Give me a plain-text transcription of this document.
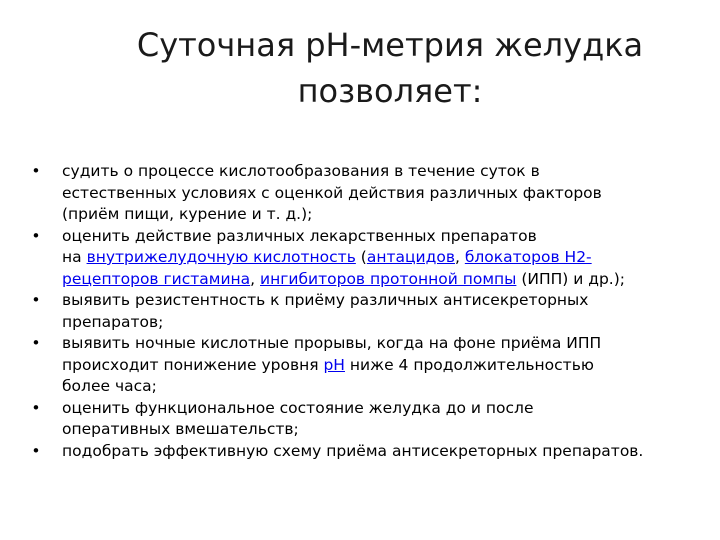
Суточная pH-метрия желудка
позволяет:
• судить о процессе кислотообразования в течение суток в
естественных условиях с оценкой действия различных факторов
(приём пищи, курение и т. д.);
• оценить действие различных лекарственных препаратов
на внутрижелудочную кислотность (антацидов, блокаторов Н2-
рецепторов гистамина, ингибиторов протонной помпы (ИПП) и др.);
• выявить резистентность к приёму различных антисекреторных
препаратов;
• выявить ночные кислотные прорывы, когда на фоне приёма ИПП
происходит понижение уровня рН ниже 4 продолжительностью
более часа;
• оценить функциональное состояние желудка до и после
оперативных вмешательств;
• подобрать эффективную схему приёма антисекреторных препаратов.
